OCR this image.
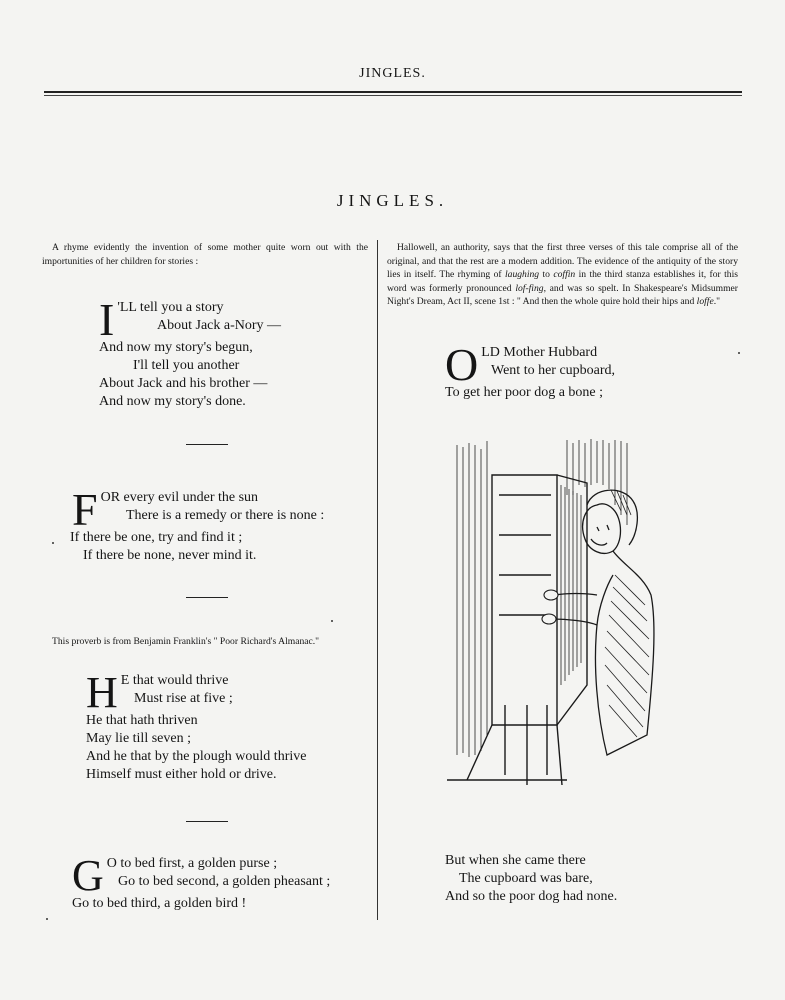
JINGLES.
JINGLES.
A rhyme evidently the invention of some mother quite worn out with the importunities of her children for stories :
I 'LL tell you a story
About Jack a-Nory —
And now my story's begun,
I'll tell you another
About Jack and his brother —
And now my story's done.
F OR every evil under the sun
There is a remedy or there is none :
If there be one, try and find it ;
If there be none, never mind it.
This proverb is from Benjamin Franklin's " Poor Richard's Almanac."
H E that would thrive
Must rise at five ;
He that hath thriven
May lie till seven ;
And he that by the plough would thrive
Himself must either hold or drive.
G O to bed first, a golden purse ;
Go to bed second, a golden pheasant ;
Go to bed third, a golden bird !
Hallowell, an authority, says that the first three verses of this tale comprise all of the original, and that the rest are a modern addition. The evidence of the antiquity of the story lies in itself. The rhyming of laughing to coffin in the third stanza establishes it, for this word was formerly pronounced lof-fing, and was so spelt. In Shakespeare's Midsummer Night's Dream, Act II, scene 1st : " And then the whole quire hold their hips and loffe."
O LD Mother Hubbard
Went to her cupboard,
To get her poor dog a bone ;
But when she came there
The cupboard was bare,
And so the poor dog had none.
